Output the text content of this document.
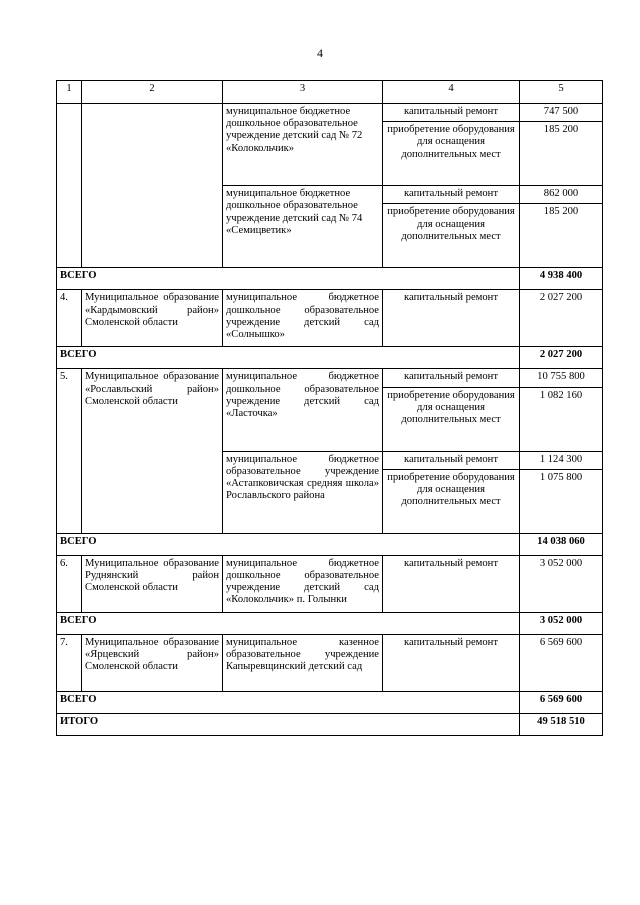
4
1	2	3	4	5
		муниципальное бюджетное дошкольное образовательное учреждение детский сад № 72 «Колокольчик»	капитальный ремонт	747 500
			приобретение оборудования для оснащения дополнительных мест	185 200
		муниципальное бюджетное дошкольное образовательное учреждение детский сад № 74 «Семицветик»	капитальный ремонт	862 000
			приобретение оборудования для оснащения дополнительных мест	185 200
ВСЕГО				4 938 400
4.	Муниципальное образование «Кардымовский район» Смоленской области	муниципальное бюджетное дошкольное образовательное учреждение детский сад «Солнышко»	капитальный ремонт	2 027 200
ВСЕГО				2 027 200
5.	Муниципальное образование «Рославльский район» Смоленской области	муниципальное бюджетное дошкольное образовательное учреждение детский сад «Ласточка»	капитальный ремонт	10 755 800
			приобретение оборудования для оснащения дополнительных мест	1 082 160
		муниципальное бюджетное образовательное учреждение «Астапковичская средняя школа» Рославльского района	капитальный ремонт	1 124 300
			приобретение оборудования для оснащения дополнительных мест	1 075 800
ВСЕГО				14 038 060
6.	Муниципальное образование Руднянский район Смоленской области	муниципальное бюджетное дошкольное образовательное учреждение детский сад «Колокольчик» п. Голынки	капитальный ремонт	3 052 000
ВСЕГО				3 052 000
7.	Муниципальное образование «Ярцевский район» Смоленской области	муниципальное казенное образовательное учреждение Капыревщинский детский сад	капитальный ремонт	6 569 600
ВСЕГО				6 569 600
ИТОГО				49 518 510
